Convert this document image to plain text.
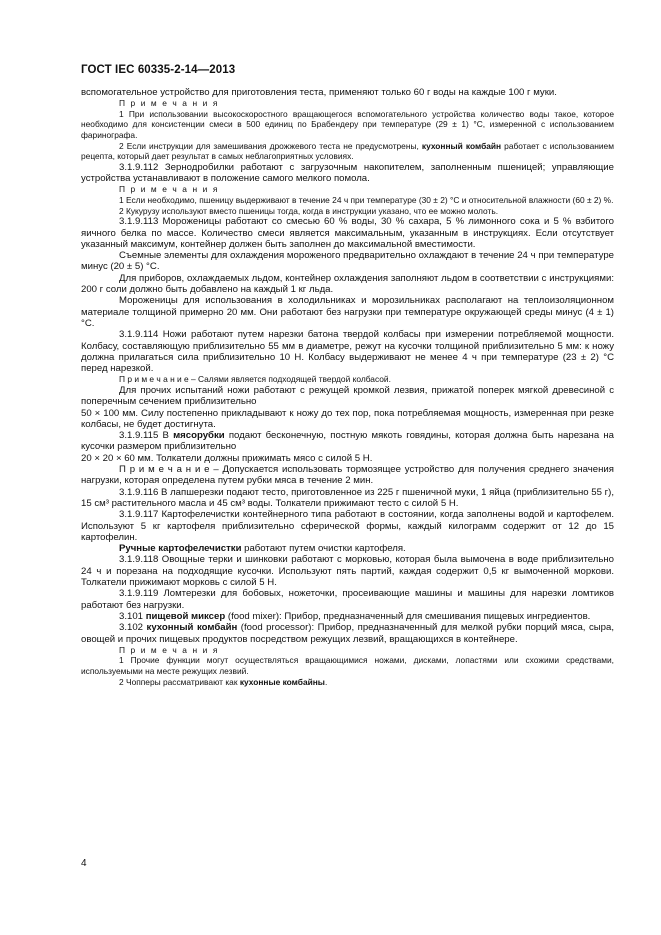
ГОСТ IEC 60335-2-14—2013

вспомогательное устройство для приготовления теста, применяют только 60 г воды на каждые 100 г муки.

П р и м е ч а н и я

1 При использовании высокоскоростного вращающегося вспомогательного устройства количество воды такое, которое необходимо для консистенции смеси в 500 единиц по Брабендеру при температуре (29 ± 1) °С, измеренной с использованием фаринографа.

2 Если инструкции для замешивания дрожжевого теста не предусмотрены, кухонный комбайн работает с использованием рецепта, который дает результат в самых неблагоприятных условиях.

3.1.9.112 Зернодробилки работают с загрузочным накопителем, заполненным пшеницей; управляющие устройства устанавливают в положение самого мелкого помола.

П р и м е ч а н и я

1 Если необходимо, пшеницу выдерживают в течение 24 ч при температуре (30 ± 2) °С и относительной влажности (60 ± 2) %.

2 Кукурузу используют вместо пшеницы тогда, когда в инструкции указано, что ее можно молоть.

3.1.9.113 Мороженицы работают со смесью 60 % воды, 30 % сахара, 5 % лимонного сока и 5 % взбитого яичного белка по массе. Количество смеси является максимальным, указанным в инструкциях. Если отсутствует указанный максимум, контейнер должен быть заполнен до максимальной вместимости.

Съемные элементы для охлаждения мороженого предварительно охлаждают в течение 24 ч при температуре минус (20 ± 5) °С.

Для приборов, охлаждаемых льдом, контейнер охлаждения заполняют льдом в соответствии с инструкциями: 200 г соли должно быть добавлено на каждый 1 кг льда.

Мороженицы для использования в холодильниках и морозильниках располагают на теплоизоляционном материале толщиной примерно 20 мм. Они работают без нагрузки при температуре окружающей среды минус (4 ± 1) °С.

3.1.9.114 Ножи работают путем нарезки батона твердой колбасы при измерении потребляемой мощности. Колбасу, составляющую приблизительно 55 мм в диаметре, режут на кусочки толщиной приблизительно 5 мм: к ножу должна прилагаться сила приблизительно 10 Н. Колбасу выдерживают не менее 4 ч при температуре (23 ± 2) °С перед нарезкой.

П р и м е ч а н и е – Салями является подходящей твердой колбасой.

Для прочих испытаний ножи работают с режущей кромкой лезвия, прижатой поперек мягкой древесиной с поперечным сечением приблизительно

50 × 100 мм. Силу постепенно прикладывают к ножу до тех пор, пока потребляемая мощность, измеренная при резке колбасы, не будет достигнута.

3.1.9.115 В мясорубки подают бесконечную, постную мякоть говядины, которая должна быть нарезана на кусочки размером приблизительно

20 × 20 × 60 мм. Толкатели должны прижимать мясо с силой 5 Н.

П р и м е ч а н и е – Допускается использовать тормозящее устройство для получения среднего значения нагрузки, которая определена путем рубки мяса в течение 2 мин.

3.1.9.116 В лапшерезки подают тесто, приготовленное из 225 г пшеничной муки, 1 яйца (приблизительно 55 г), 15 см³ растительного масла и 45 см³ воды. Толкатели прижимают тесто с силой 5 Н.

3.1.9.117 Картофелечистки контейнерного типа работают в состоянии, когда заполнены водой и картофелем. Используют 5 кг картофеля приблизительно сферической формы, каждый килограмм содержит от 12 до 15 картофелин.

Ручные картофелечистки работают путем очистки картофеля.

3.1.9.118 Овощные терки и шинковки работают с морковью, которая была вымочена в воде приблизительно 24 ч и порезана на подходящие кусочки. Используют пять партий, каждая содержит 0,5 кг вымоченной моркови. Толкатели прижимают морковь с силой 5 Н.

3.1.9.119 Ломтерезки для бобовых, ножеточки, просеивающие машины и машины для нарезки ломтиков работают без нагрузки.

3.101 пищевой миксер (food mixer): Прибор, предназначенный для смешивания пищевых ингредиентов.

3.102 кухонный комбайн (food processor): Прибор, предназначенный для мелкой рубки порций мяса, сыра, овощей и прочих пищевых продуктов посредством режущих лезвий, вращающихся в контейнере.

П р и м е ч а н и я

1 Прочие функции могут осуществляться вращающимися ножами, дисками, лопастями или схожими средствами, используемыми на месте режущих лезвий.

2 Чопперы рассматривают как кухонные комбайны.

4
